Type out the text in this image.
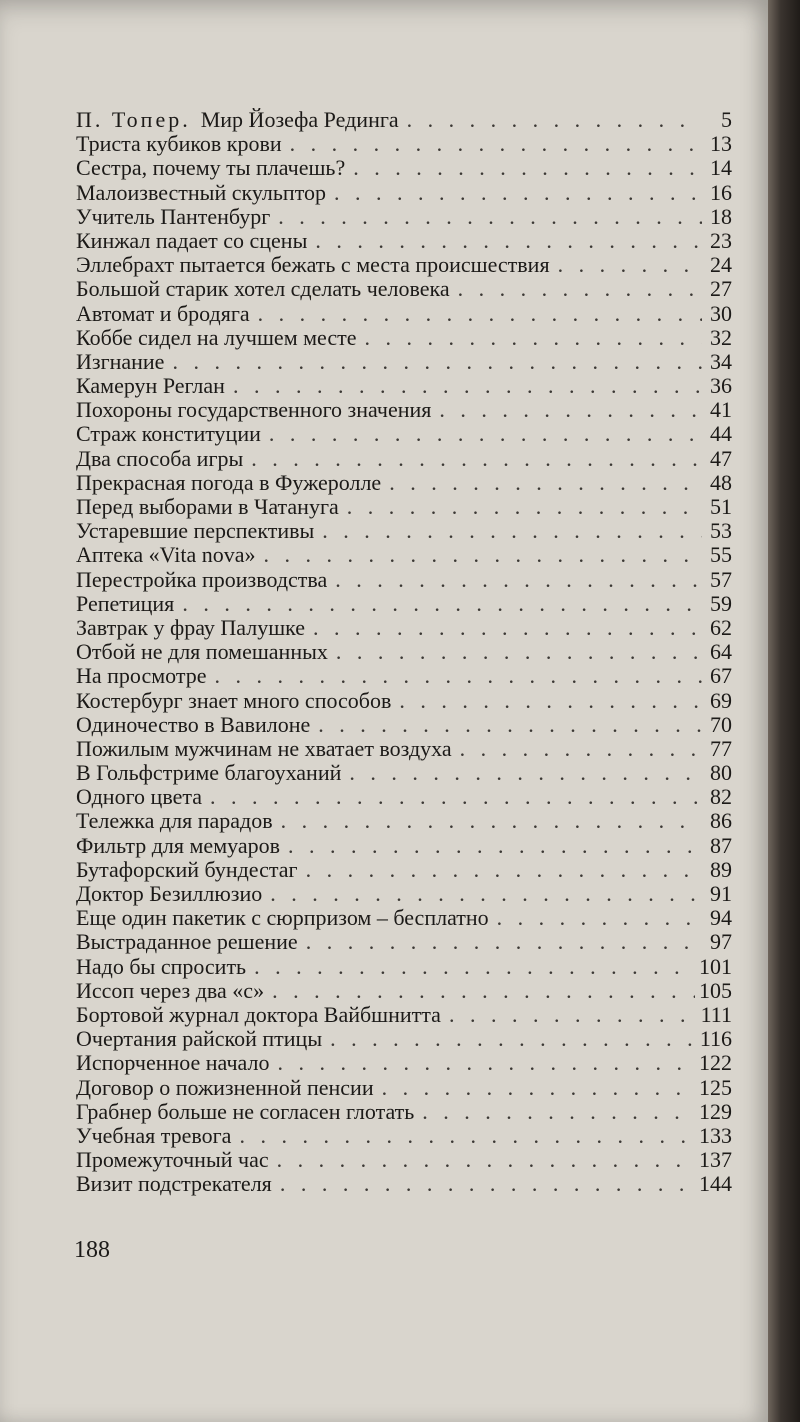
П. Топер. Мир Йозефа Рединга . . .	5
Триста кубиков крови . . .	13
Сестра, почему ты плачешь? . . .	14
Малоизвестный скульптор . . .	16
Учитель Пантенбург . . .	18
Кинжал падает со сцены . . .	23
Эллебрахт пытается бежать с места происшествия . . .	24
Большой старик хотел сделать человека . . .	27
Автомат и бродяга . . .	30
Коббе сидел на лучшем месте . . .	32
Изгнание . . .	34
Камерун Реглан . . .	36
Похороны государственного значения . . .	41
Страж конституции . . .	44
Два способа игры . . .	47
Прекрасная погода в Фужеролле . . .	48
Перед выборами в Чатануга . . .	51
Устаревшие перспективы . . .	53
Аптека «Vita nova» . . .	55
Перестройка производства . . .	57
Репетиция . . .	59
Завтрак у фрау Палушке . . .	62
Отбой не для помешанных . . .	64
На просмотре . . .	67
Костербург знает много способов . . .	69
Одиночество в Вавилоне . . .	70
Пожилым мужчинам не хватает воздуха . . .	77
В Гольфстриме благоуханий . . .	80
Одного цвета . . .	82
Тележка для парадов . . .	86
Фильтр для мемуаров . . .	87
Бутафорский бундестаг . . .	89
Доктор Безиллюзио . . .	91
Еще один пакетик с сюрпризом – бесплатно . . .	94
Выстраданное решение . . .	97
Надо бы спросить . . .	101
Иссоп через два «с» . . .	105
Бортовой журнал доктора Вайбшнитта . . .	111
Очертания райской птицы . . .	116
Испорченное начало . . .	122
Договор о пожизненной пенсии . . .	125
Грабнер больше не согласен глотать . . .	129
Учебная тревога . . .	133
Промежуточный час . . .	137
Визит подстрекателя . . .	144
188
